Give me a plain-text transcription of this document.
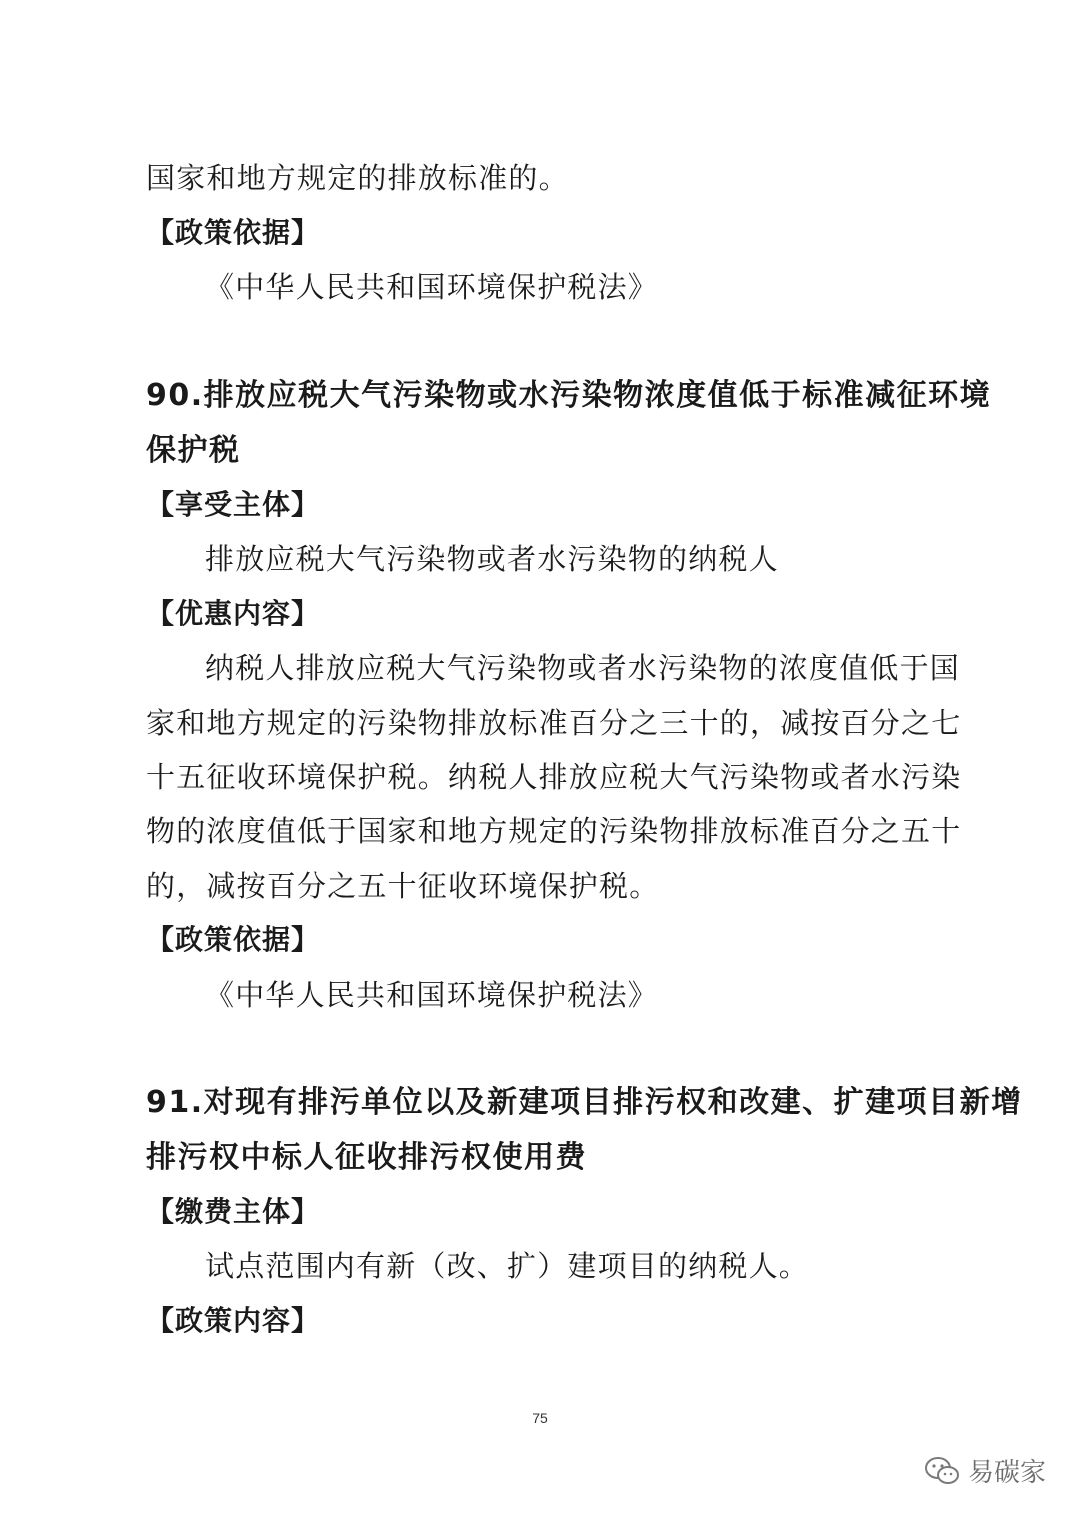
国家和地方规定的排放标准的。
【政策依据】
《中华人民共和国环境保护税法》
90.排放应税大气污染物或水污染物浓度值低于标准减征环境
保护税
【享受主体】
排放应税大气污染物或者水污染物的纳税人
【优惠内容】
纳税人排放应税大气污染物或者水污染物的浓度值低于国
家和地方规定的污染物排放标准百分之三十的，减按百分之七
十五征收环境保护税。纳税人排放应税大气污染物或者水污染
物的浓度值低于国家和地方规定的污染物排放标准百分之五十
的，减按百分之五十征收环境保护税。
【政策依据】
《中华人民共和国环境保护税法》
91.对现有排污单位以及新建项目排污权和改建、扩建项目新增
排污权中标人征收排污权使用费
【缴费主体】
试点范围内有新（改、扩）建项目的纳税人。
【政策内容】
75
易碳家
